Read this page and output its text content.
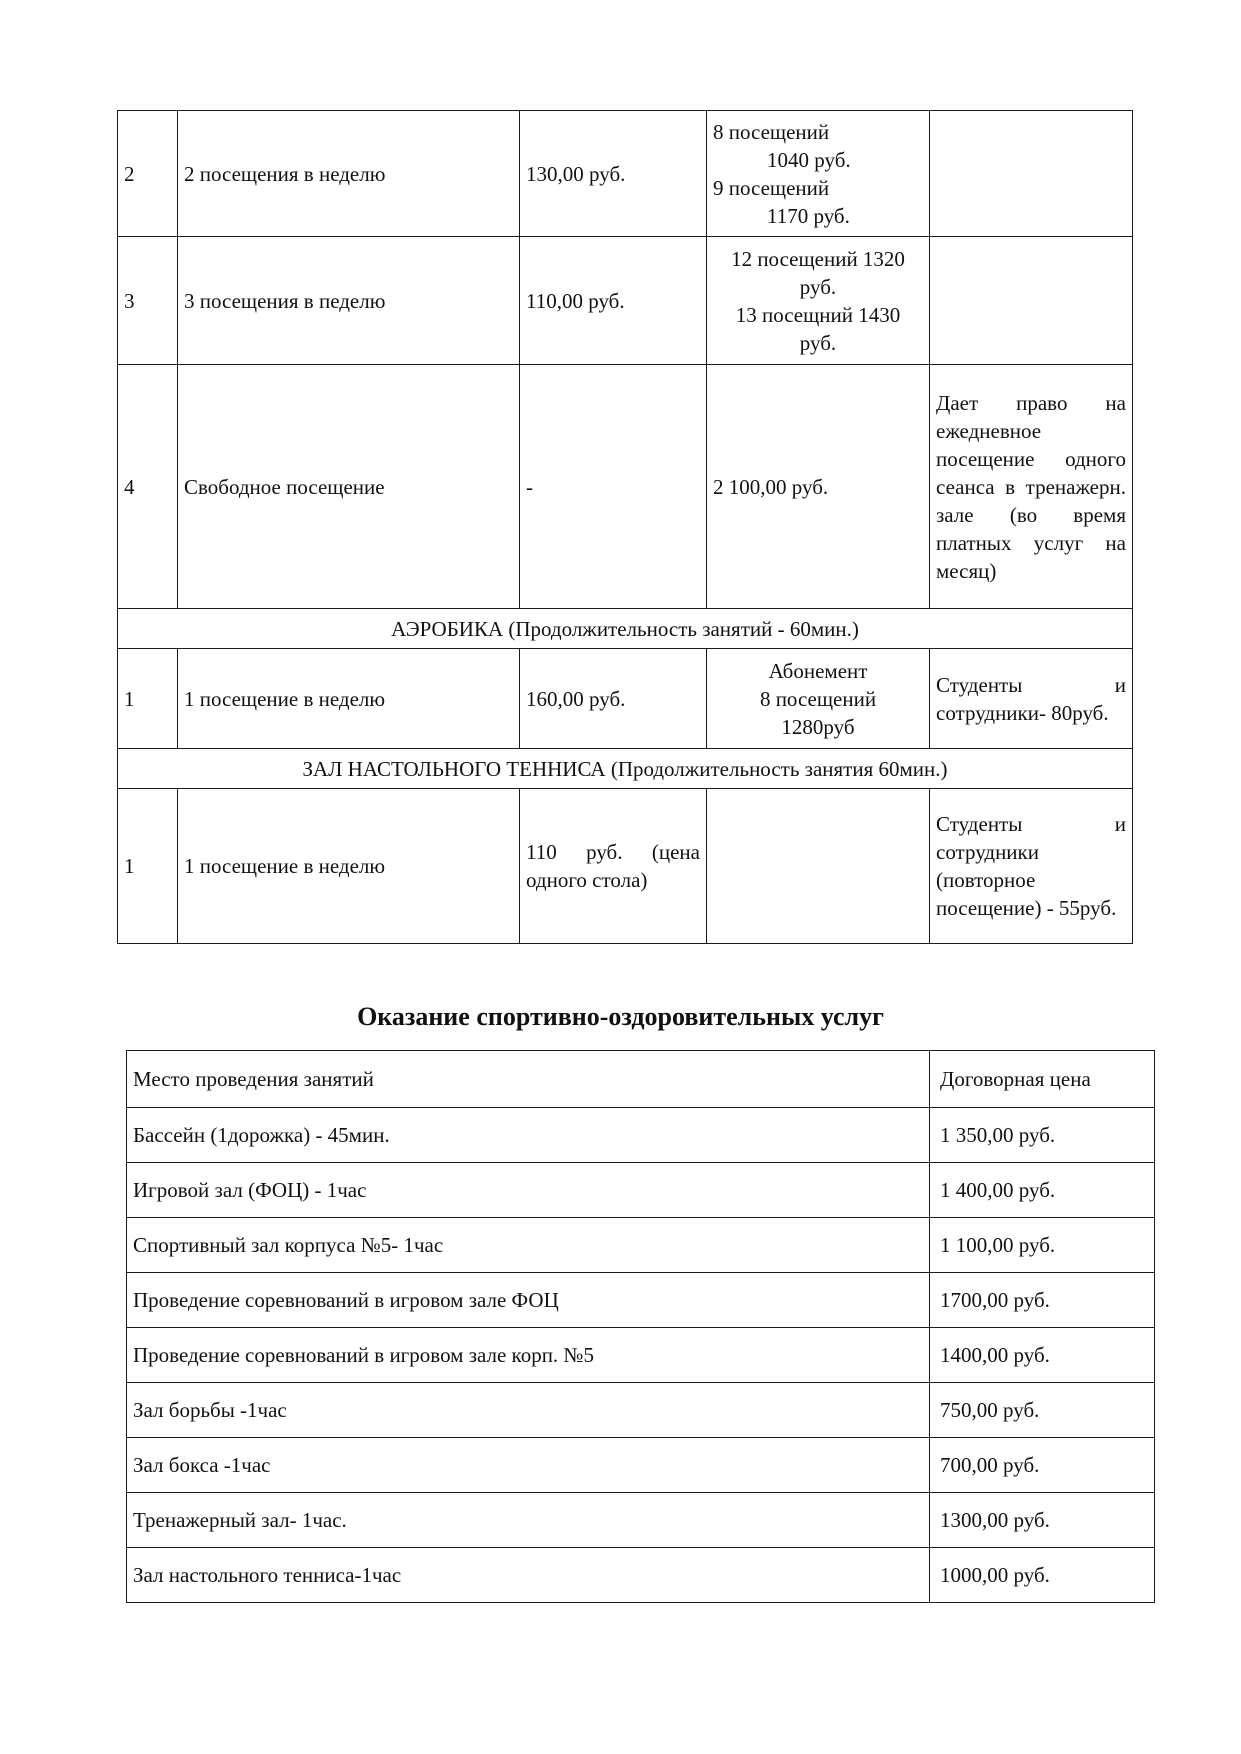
2	2 посещения в неделю	130,00 руб.	8 посещений

1040 руб.
9 посещений

1170 руб.	

3	3 посещения в педелю	110,00 руб.	12 посещений 1320
руб.
13 посещний 1430
руб.	
4	Свободное посещение	-	2 100,00 руб.	Дает право на ежедневное посещение одного сеанса в тренажерн. зале (во время платных услуг на месяц)
АЭРОБИКА (Продолжительность занятий - 60мин.)				
1	1 посещение в неделю	160,00 руб.	Абонемент
8 посещений
1280руб	Студенты и сотрудники- 80руб.
ЗАЛ НАСТОЛЬНОГО ТЕННИСА (Продолжительность занятия 60мин.)				
1	1 посещение в неделю	110 руб. (цена одного стола)		Студенты и сотрудники (повторное посещение) - 55руб.
Оказание спортивно-оздоровительных услуг
Место проведения занятий	Договорная цена
Бассейн (1дорожка) - 45мин.	1 350,00 руб.
Игровой зал (ФОЦ) - 1час	1 400,00 руб.
Спортивный зал корпуса №5- 1час	1 100,00 руб.
Проведение соревнований в игровом зале ФОЦ	1700,00 руб.
Проведение соревнований в игровом зале корп. №5	1400,00 руб.
Зал борьбы -1час	750,00 руб.
Зал бокса -1час	700,00 руб.
Тренажерный зал- 1час.	1300,00 руб.
Зал настольного тенниса-1час	1000,00 руб.
